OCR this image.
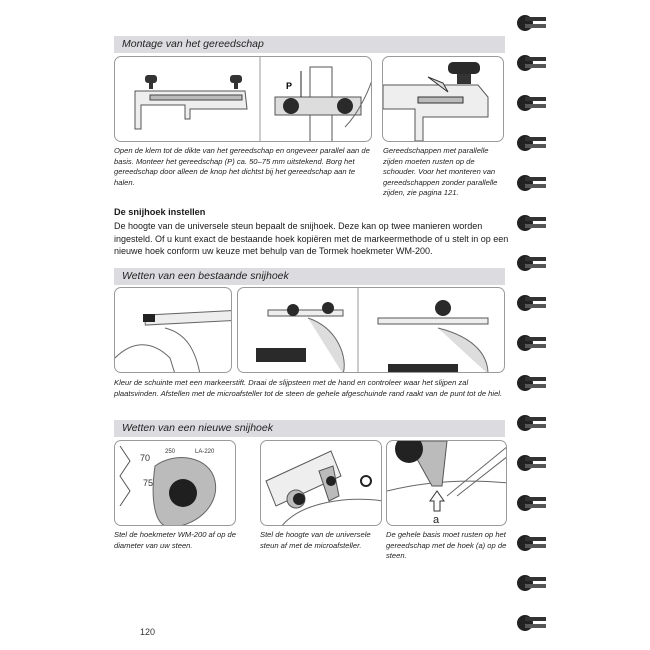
Montage van het gereedschap
P
Open de klem tot de dikte van het gereedschap en ongeveer parallel aan de basis. Monteer het gereedschap (P) ca. 50–75 mm uitstekend. Borg het gereedschap door alleen de knop het dichtst bij het gereedschap aan te halen.
Gereedschappen met parallelle zijden moeten rusten op de schouder. Voor het monteren van gereedschappen zonder parallelle zijden, zie pagina 121.
De snijhoek instellen
De hoogte van de universele steun bepaalt de snijhoek. Deze kan op twee manieren worden ingesteld. Of u kunt exact de bestaande hoek kopiëren met de markeermethode of u stelt in op een nieuwe hoek conform uw keuze met behulp van de Tormek hoekmeter WM-200.
Wetten van een bestaande snijhoek
Kleur de schuinte met een markeerstift. Draai de slijpsteen met de hand en controleer waar het slijpen zal plaatsvinden. Afstellen met de microafsteller tot de steen de gehele afgeschuinde rand raakt van de punt tot de hiel.
Wetten van een nieuwe snijhoek
70
75
250	LA-220
a
Stel de hoekmeter WM-200 af op de diameter van uw steen.
Stel de hoogte van de universele steun af met de microafsteller.
De gehele basis moet rusten op het gereedschap met de hoek (a) op de steen.
120
